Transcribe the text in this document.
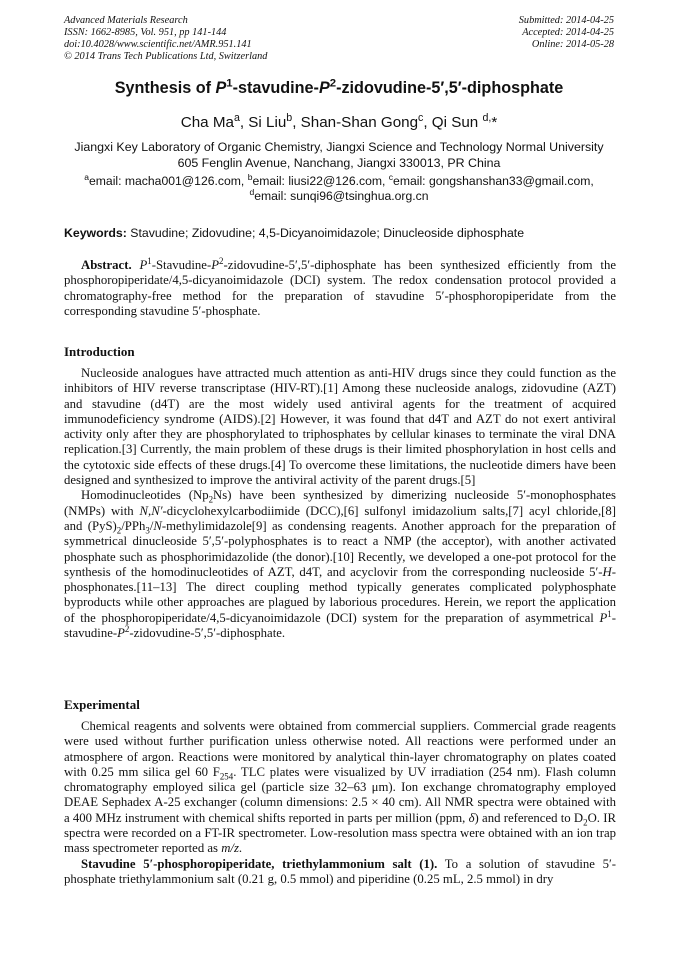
Advanced Materials Research
ISSN: 1662-8985, Vol. 951, pp 141-144
doi:10.4028/www.scientific.net/AMR.951.141
© 2014 Trans Tech Publications Ltd, Switzerland
Submitted: 2014-04-25
Accepted: 2014-04-25
Online: 2014-05-28
Synthesis of $P^1-stavudine-P^2-zidovudine-5',5'$-diphosphate
Cha Ma$^a$, Si Liu$^b$, Shan-Shan Gong$^c$, Qi Sun $^{d,}$*
Jiangxi Key Laboratory of Organic Chemistry, Jiangxi Science and Technology Normal University
605 Fenglin Avenue, Nanchang, Jiangxi 330013, PR China
$^a$email: macha001@126.com, $^b$email: liusi22@126.com, $^c$email: gongshanshan33@gmail.com,
$^d$email: sunqi96@tsinghua.org.cn
Keywords: Stavudine; Zidovudine; 4,5-Dicyanoimidazole; Dinucleoside diphosphate

Abstract. $P^1-Stavudine-P^2-zidovudine-5',5'$-diphosphate has been synthesized efficiently from the phosphoropiperidate/4,5-dicyanoimidazole (DCI) system. The redox condensation protocol provided a chromatography-free method for the preparation of stavudine 5′-phosphoropiperidate from the corresponding stavudine 5′-phosphate.

Introduction

Nucleoside analogues have attracted much attention as anti-HIV drugs since they could function as the inhibitors of HIV reverse transcriptase (HIV-RT).[1] Among these nucleoside analogs, zidovudine (AZT) and stavudine (d4T) are the most widely used antiviral agents for the treatment of acquired immunodeficiency syndrome (AIDS).[2] However, it was found that d4T and AZT do not exert antiviral activity only after they are phosphorylated to triphosphates by cellular kinases to terminate the viral DNA replication.[3] Currently, the main problem of these drugs is their limited phosphorylation in host cells and the cytotoxic side effects of these drugs.[4] To overcome these limitations, the nucleotide dimers have been designed and synthesized to improve the antiviral activity of the parent drugs.[5]

Homodinucleotides $(Np_2Ns)$ have been synthesized by dimerizing nucleoside 5′-monophosphates (NMPs) with N,N′-dicyclohexylcarbodiimide (DCC),[6] sulfonyl imidazolium salts,[7] acyl chloride,[8] and $(PyS)_2/PPh_3/N-methylimidazole[9]$ as condensing reagents. Another approach for the preparation of symmetrical dinucleoside 5′,5′-polyphosphates is to react a NMP (the acceptor), with another activated phosphate such as phosphorimidazolide (the donor).[10] Recently, we developed a one-pot protocol for the synthesis of the homodinucleotides of AZT, d4T, and acyclovir from the corresponding nucleoside 5′-H-phosphonates.[11–13] The direct coupling method typically generates complicated polyphosphate byproducts while other approaches are plagued by laborious procedures. Herein, we report the application of the phosphoropiperidate/4,5-dicyanoimidazole (DCI) system for the preparation of asymmetrical $P^1-stavudine-P^2-zidovudine-5',5'$-diphosphate.

Experimental

Chemical reagents and solvents were obtained from commercial suppliers. Commercial grade reagents were used without further purification unless otherwise noted. All reactions were performed under an atmosphere of argon. Reactions were monitored by analytical thin-layer chromatography on plates coated with 0.25 mm silica gel 60 $F_{254}$. TLC plates were visualized by UV irradiation (254 nm). Flash column chromatography employed silica gel (particle size 32–63 μm). Ion exchange chromatography employed DEAE Sephadex A-25 exchanger (column dimensions: 2.5 × 40 cm). All NMR spectra were obtained with a 400 MHz instrument with chemical shifts reported in parts per million (ppm, δ) and referenced to $D_2O$. IR spectra were recorded on a FT-IR spectrometer. Low-resolution mass spectra were obtained with an ion trap mass spectrometer reported as m/z.

Stavudine 5′-phosphoropiperidate, triethylammonium salt (1). To a solution of stavudine 5′-phosphate triethylammonium salt (0.21 g, 0.5 mmol) and piperidine (0.25 mL, 2.5 mmol) in dry
